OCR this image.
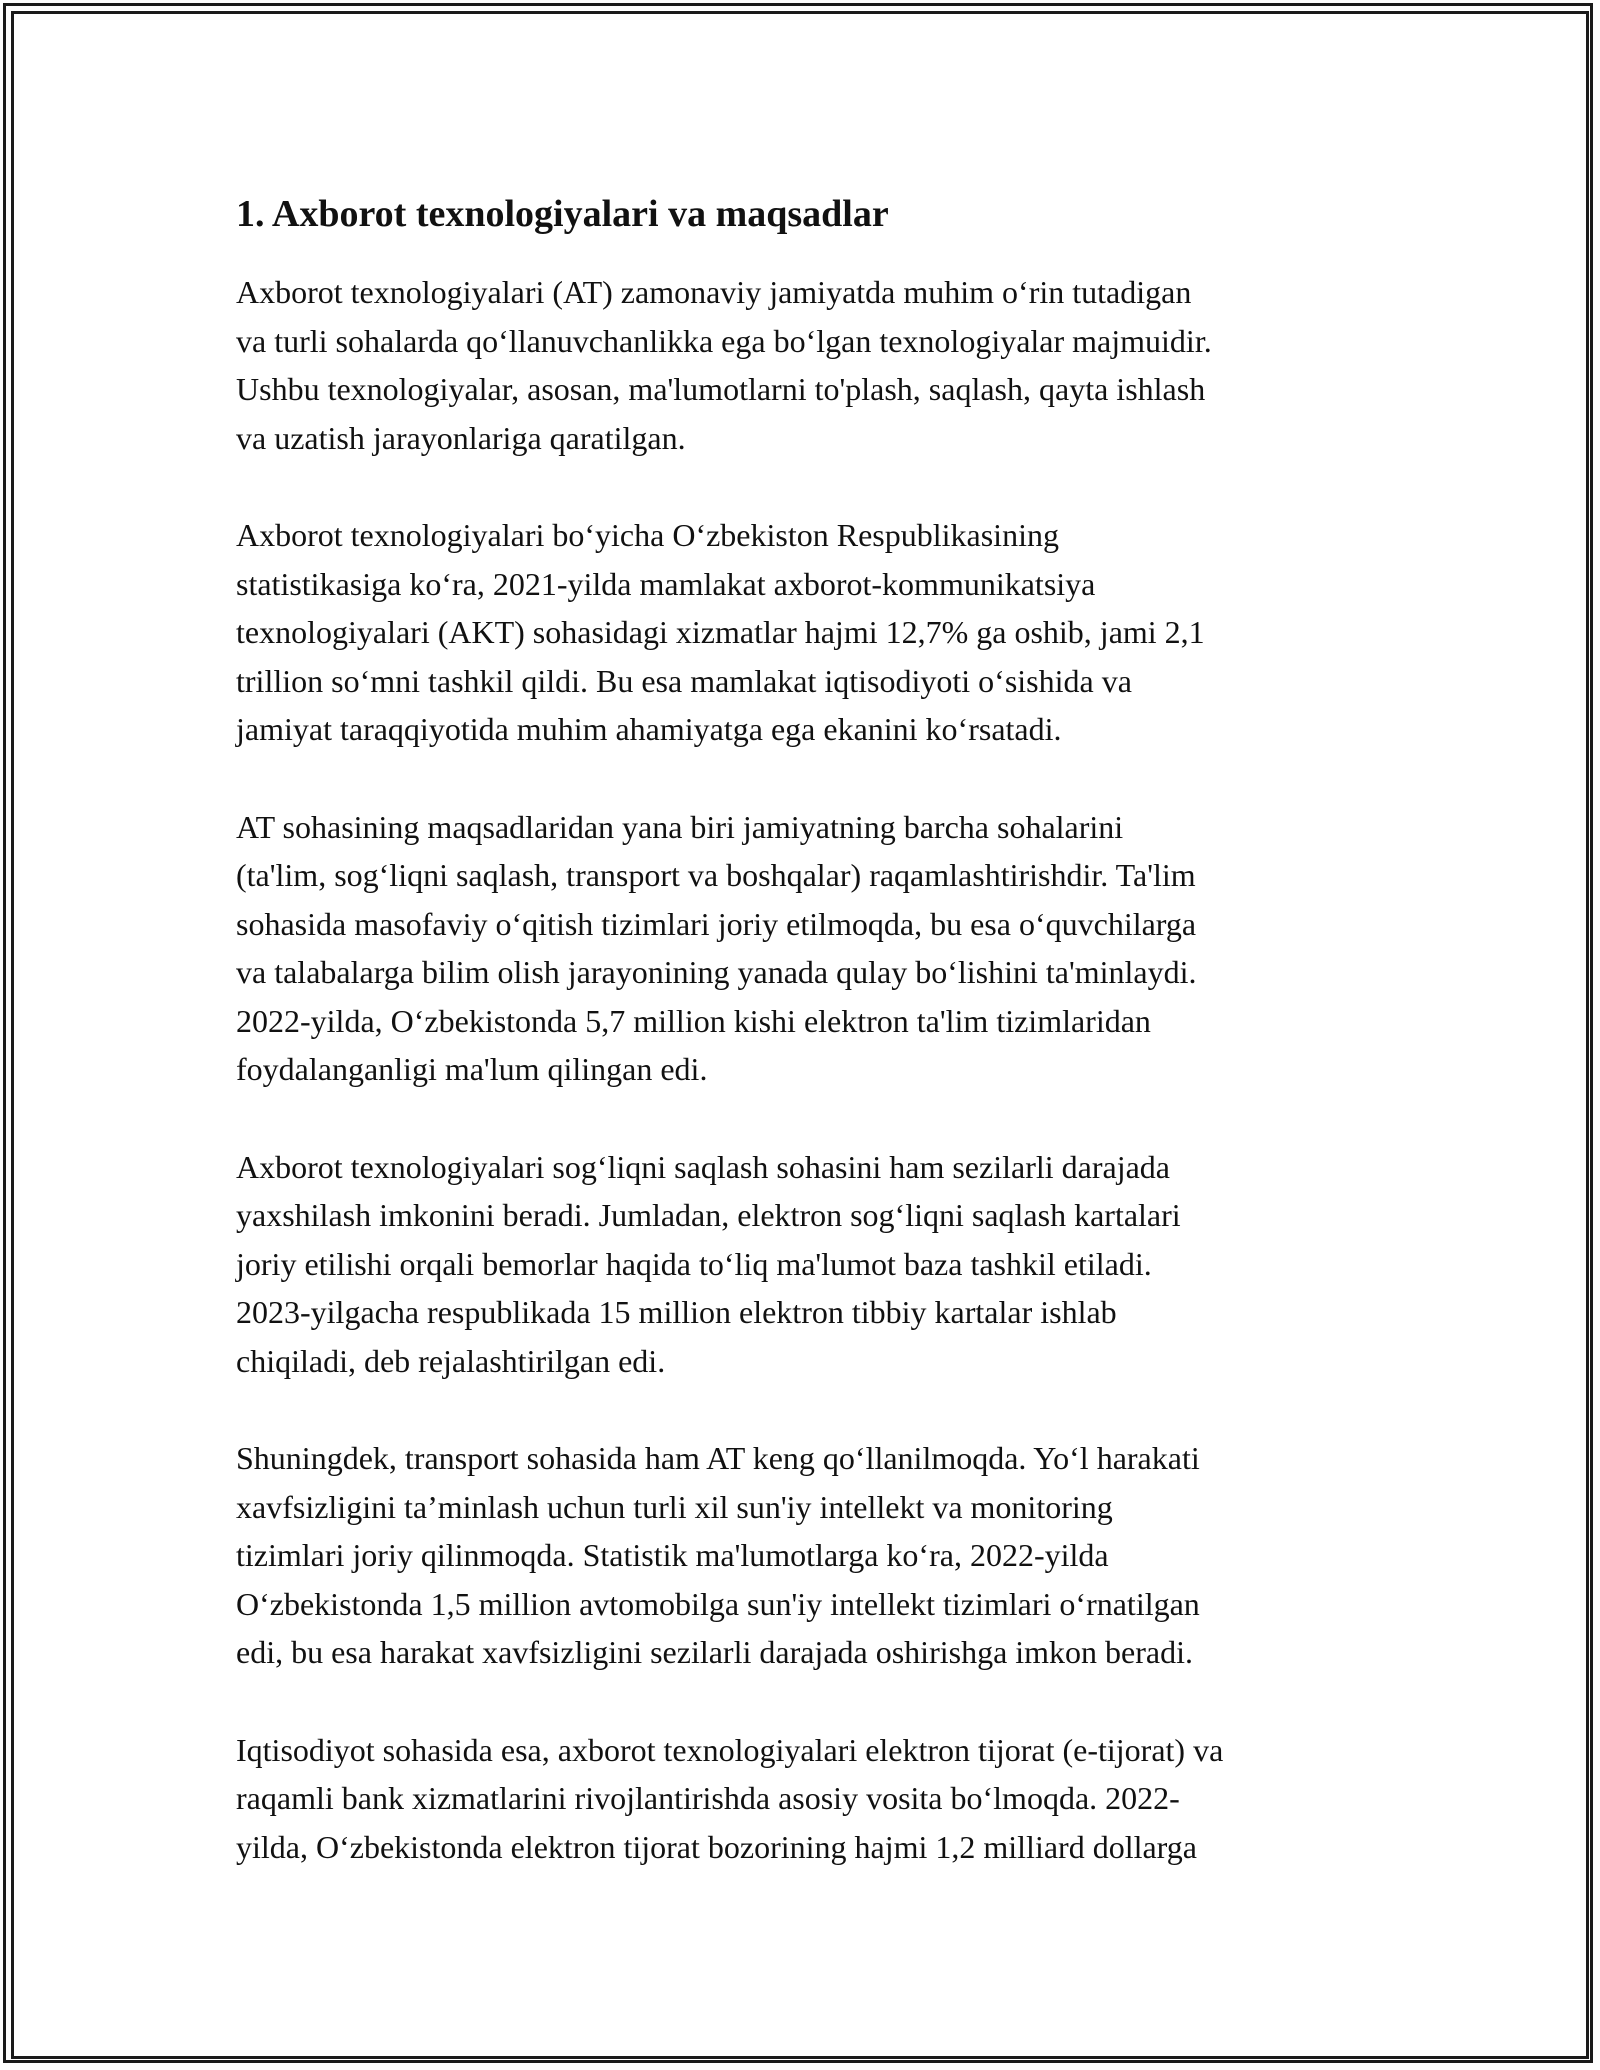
1. Axborot texnologiyalari va maqsadlar

Axborot texnologiyalari (AT) zamonaviy jamiyatda muhim oʻrin tutadigan
va turli sohalarda qoʻllanuvchanlikka ega boʻlgan texnologiyalar majmuidir.
Ushbu texnologiyalar, asosan, ma'lumotlarni to'plash, saqlash, qayta ishlash
va uzatish jarayonlariga qaratilgan.

Axborot texnologiyalari boʻyicha Oʻzbekiston Respublikasining
statistikasiga koʻra, 2021-yilda mamlakat axborot-kommunikatsiya
texnologiyalari (AKT) sohasidagi xizmatlar hajmi 12,7% ga oshib, jami 2,1
trillion soʻmni tashkil qildi. Bu esa mamlakat iqtisodiyoti oʻsishida va
jamiyat taraqqiyotida muhim ahamiyatga ega ekanini koʻrsatadi.

AT sohasining maqsadlaridan yana biri jamiyatning barcha sohalarini
(ta'lim, sogʻliqni saqlash, transport va boshqalar) raqamlashtirishdir. Ta'lim
sohasida masofaviy oʻqitish tizimlari joriy etilmoqda, bu esa oʻquvchilarga
va talabalarga bilim olish jarayonining yanada qulay boʻlishini ta'minlaydi.
2022-yilda, Oʻzbekistonda 5,7 million kishi elektron ta'lim tizimlaridan
foydalanganligi ma'lum qilingan edi.

Axborot texnologiyalari sogʻliqni saqlash sohasini ham sezilarli darajada
yaxshilash imkonini beradi. Jumladan, elektron sogʻliqni saqlash kartalari
joriy etilishi orqali bemorlar haqida toʻliq ma'lumot baza tashkil etiladi.
2023-yilgacha respublikada 15 million elektron tibbiy kartalar ishlab
chiqiladi, deb rejalashtirilgan edi.

Shuningdek, transport sohasida ham AT keng qoʻllanilmoqda. Yoʻl harakati
xavfsizligini ta’minlash uchun turli xil sun'iy intellekt va monitoring
tizimlari joriy qilinmoqda. Statistik ma'lumotlarga koʻra, 2022-yilda
Oʻzbekistonda 1,5 million avtomobilga sun'iy intellekt tizimlari oʻrnatilgan
edi, bu esa harakat xavfsizligini sezilarli darajada oshirishga imkon beradi.

Iqtisodiyot sohasida esa, axborot texnologiyalari elektron tijorat (e-tijorat) va
raqamli bank xizmatlarini rivojlantirishda asosiy vosita boʻlmoqda. 2022-
yilda, Oʻzbekistonda elektron tijorat bozorining hajmi 1,2 milliard dollarga
